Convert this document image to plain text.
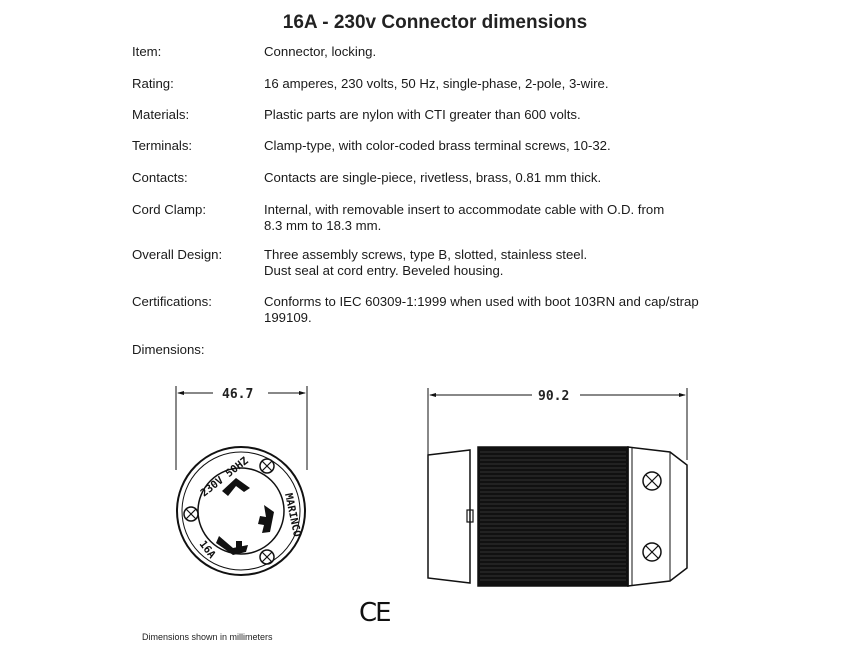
16A - 230v Connector dimensions
Item:	Connector, locking.
Rating:	16 amperes, 230 volts, 50 Hz, single-phase, 2-pole, 3-wire.
Materials:	Plastic parts are nylon with CTI greater than 600 volts.
Terminals:	Clamp-type, with color-coded brass terminal screws, 10-32.
Contacts:	Contacts are single-piece, rivetless, brass, 0.81 mm thick.
Cord Clamp:	Internal, with removable insert to accommodate cable with O.D. from
8.3 mm to 18.3 mm.
Overall Design:	Three assembly screws, type B, slotted, stainless steel.
Dust seal at cord entry. Beveled housing.
Certifications:	Conforms to IEC 60309-1:1999 when used with boot 103RN and cap/strap
199109.
Dimensions:
46.7	90.2
230V 50HZ
MARINCO
16A
CE
Dimensions shown in millimeters
